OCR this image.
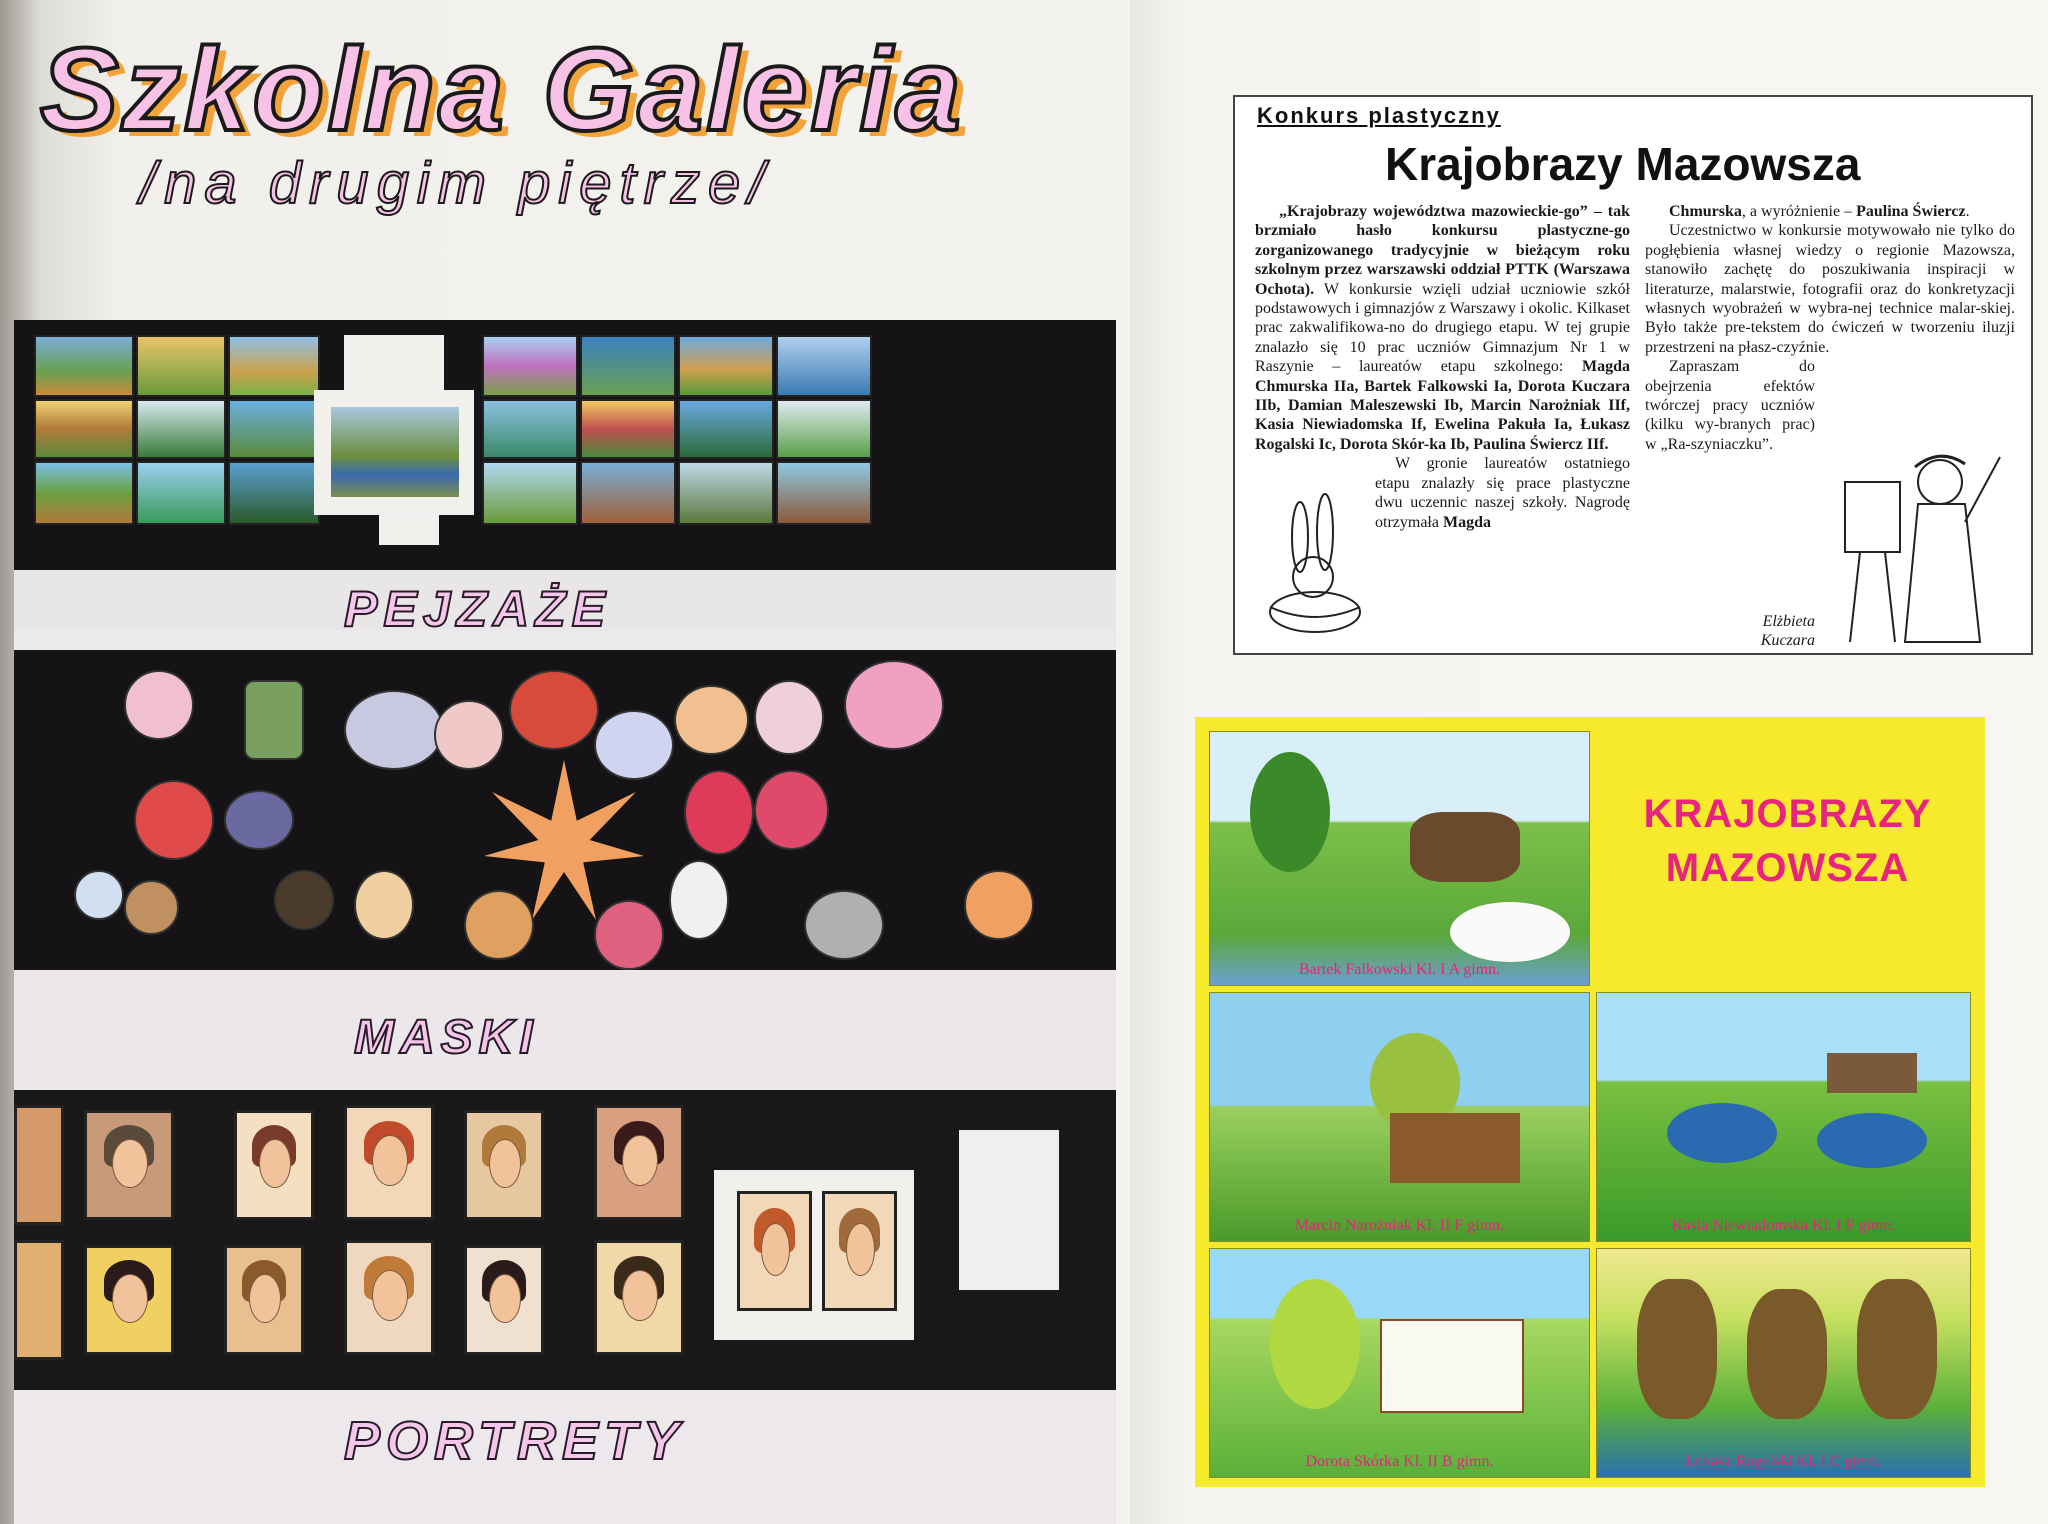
Szkolna Galeria
/na drugim piętrze/
PEJZAŻE
MASKI
PORTRETY
Konkurs plastyczny
Krajobrazy Mazowsza

„Krajobrazy województwa mazowieckie-go” – tak brzmiało hasło konkursu plastyczne-go zorganizowanego tradycyjnie w bieżącym roku szkolnym przez warszawski oddział PTTK (Warszawa Ochota). W konkursie wzięli udział uczniowie szkół podstawowych i gimnazjów z Warszawy i okolic. Kilkaset prac zakwalifikowa-no do drugiego etapu. W tej grupie znalazło się 10 prac uczniów Gimnazjum Nr 1 w Raszynie – laureatów etapu szkolnego: Magda Chmurska IIa, Bartek Falkowski Ia, Dorota Kuczara IIb, Damian Maleszewski Ib, Marcin Narożniak IIf, Kasia Niewiadomska If, Ewelina Pakuła Ia, Łukasz Rogalski Ic, Dorota Skór-ka Ib, Paulina Świercz IIf.

W gronie laureatów ostatniego etapu znalazły się prace plastyczne dwu uczennic naszej szkoły. Nagrodę otrzymała Magda

Chmurska, a wyróżnienie – Paulina Świercz.

Uczestnictwo w konkursie motywowało nie tylko do pogłębienia własnej wiedzy o regionie Mazowsza, stanowiło zachętę do poszukiwania inspiracji w literaturze, malarstwie, fotografii oraz do konkretyzacji własnych wyobrażeń w wybra-nej technice malar-skiej. Było także pre-tekstem do ćwiczeń w tworzeniu iluzji przestrzeni na płasz-czyźnie.

Zapraszam do obejrzenia efektów twórczej pracy uczniów (kilku wy-branych prac) w „Ra-szyniaczku”.

Elżbieta
Kuczara
Bartek Falkowski Kl. I A gimn.
KRAJOBRAZY
MAZOWSZA
Marcin Narożniak Kl. II F gimn.	Kasia Niewiadomska Kl. I F gimn.
Dorota Skórka Kl. II B gimn.	Łukasz Rogalski Kl. I C gimn.
